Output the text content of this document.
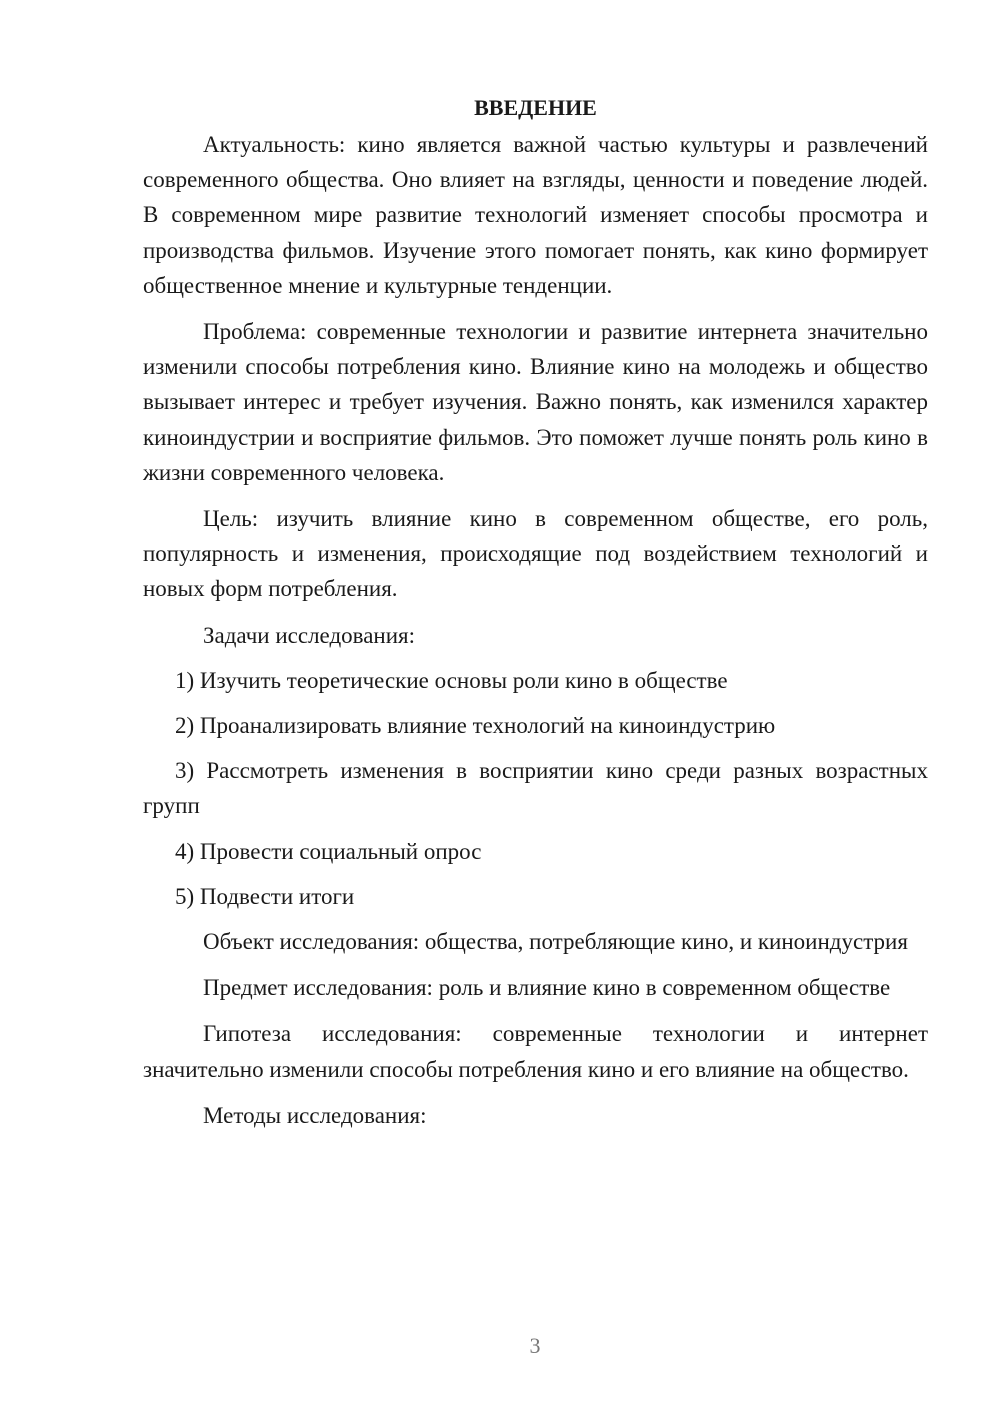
ВВЕДЕНИЕ

Актуальность: кино является важной частью культуры и развлечений современного общества. Оно влияет на взгляды, ценности и поведение людей. В современном мире развитие технологий изменяет способы просмотра и производства фильмов. Изучение этого помогает понять, как кино формирует общественное мнение и культурные тенденции.

Проблема: современные технологии и развитие интернета значительно изменили способы потребления кино. Влияние кино на молодежь и общество вызывает интерес и требует изучения. Важно понять, как изменился характер киноиндустрии и восприятие фильмов. Это поможет лучше понять роль кино в жизни современного человека.

Цель: изучить влияние кино в современном обществе, его роль, популярность и изменения, происходящие под воздействием технологий и новых форм потребления.

Задачи исследования:

1) Изучить теоретические основы роли кино в обществе

2) Проанализировать влияние технологий на киноиндустрию

3) Рассмотреть изменения в восприятии кино среди разных возрастных групп

4) Провести социальный опрос

5) Подвести итоги

Объект исследования: общества, потребляющие кино, и киноиндустрия

Предмет исследования: роль и влияние кино в современном обществе

Гипотеза исследования: современные технологии и интернет значительно изменили способы потребления кино и его влияние на общество.

Методы исследования:

3
